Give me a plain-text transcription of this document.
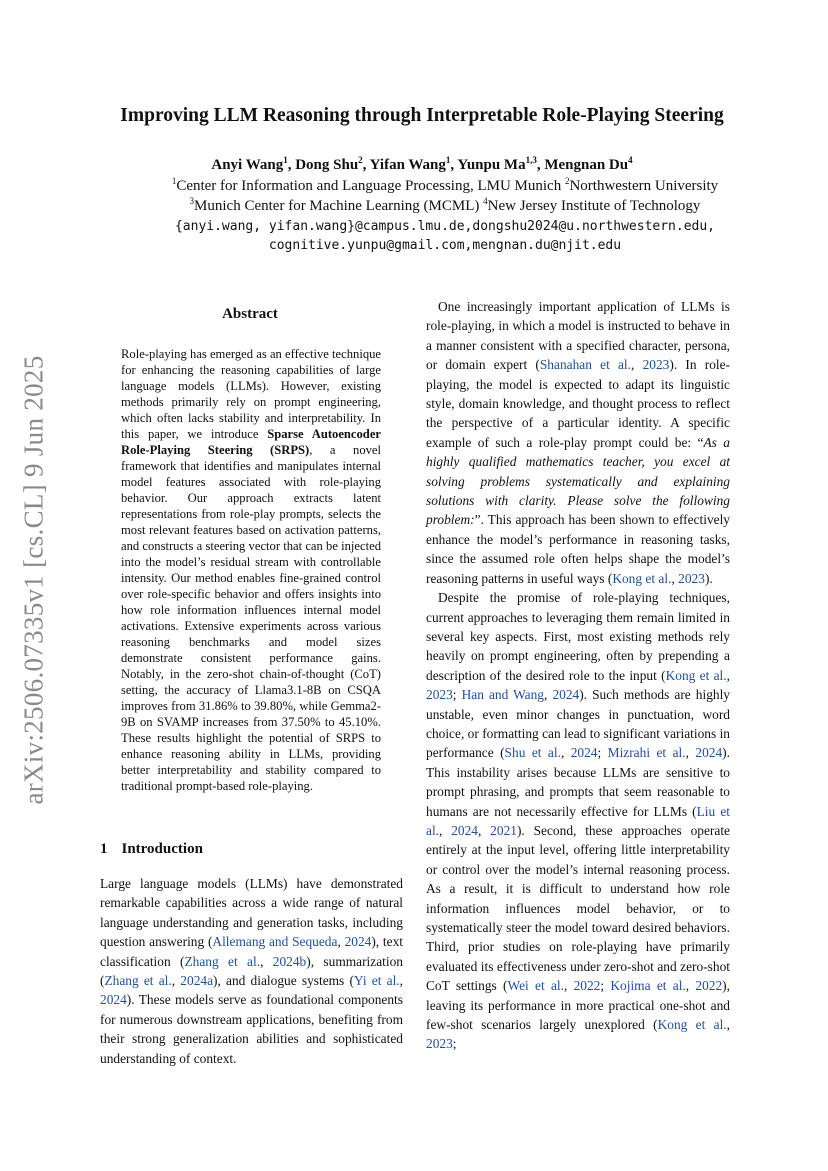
arXiv:2506.07335v1 [cs.CL] 9 Jun 2025
Improving LLM Reasoning through Interpretable Role-Playing Steering
Anyi Wang$^1$, Dong Shu$^2$, Yifan Wang$^1$, Yunpu Ma$^{1,3}$, Mengnan Du$^4$
$^1$Center for Information and Language Processing, LMU Munich $^2$Northwestern University
$^3$Munich Center for Machine Learning (MCML) $^4$New Jersey Institute of Technology
{anyi.wang, yifan.wang}@campus.lmu.de,dongshu2024@u.northwestern.edu,
cognitive.yunpu@gmail.com,mengnan.du@njit.edu
Abstract
Role-playing has emerged as an effective technique for enhancing the reasoning capabilities of large language models (LLMs). However, existing methods primarily rely on prompt engineering, which often lacks stability and interpretability. In this paper, we introduce Sparse Autoencoder Role-Playing Steering (SRPS), a novel framework that identifies and manipulates internal model features associated with role-playing behavior. Our approach extracts latent representations from role-play prompts, selects the most relevant features based on activation patterns, and constructs a steering vector that can be injected into the model’s residual stream with controllable intensity. Our method enables fine-grained control over role-specific behavior and offers insights into how role information influences internal model activations. Extensive experiments across various reasoning benchmarks and model sizes demonstrate consistent performance gains. Notably, in the zero-shot chain-of-thought (CoT) setting, the accuracy of Llama3.1-8B on CSQA improves from 31.86% to 39.80%, while Gemma2-9B on SVAMP increases from 37.50% to 45.10%. These results highlight the potential of SRPS to enhance reasoning ability in LLMs, providing better interpretability and stability compared to traditional prompt-based role-playing.
1 Introduction
Large language models (LLMs) have demonstrated remarkable capabilities across a wide range of natural language understanding and generation tasks, including question answering (Allemang and Sequeda, 2024), text classification (Zhang et al., 2024b), summarization (Zhang et al., 2024a), and dialogue systems (Yi et al., 2024). These models serve as foundational components for numerous downstream applications, benefiting from their strong generalization abilities and sophisticated understanding of context.

One increasingly important application of LLMs is role-playing, in which a model is instructed to behave in a manner consistent with a specified character, persona, or domain expert (Shanahan et al., 2023). In role-playing, the model is expected to adapt its linguistic style, domain knowledge, and thought process to reflect the perspective of a particular identity. A specific example of such a role-play prompt could be: “As a highly qualified mathematics teacher, you excel at solving problems systematically and explaining solutions with clarity. Please solve the following problem:”. This approach has been shown to effectively enhance the model’s performance in reasoning tasks, since the assumed role often helps shape the model’s reasoning patterns in useful ways (Kong et al., 2023).

Despite the promise of role-playing techniques, current approaches to leveraging them remain limited in several key aspects. First, most existing methods rely heavily on prompt engineering, often by prepending a description of the desired role to the input (Kong et al., 2023; Han and Wang, 2024). Such methods are highly unstable, even minor changes in punctuation, word choice, or formatting can lead to significant variations in performance (Shu et al., 2024; Mizrahi et al., 2024). This instability arises because LLMs are sensitive to prompt phrasing, and prompts that seem reasonable to humans are not necessarily effective for LLMs (Liu et al., 2024, 2021). Second, these approaches operate entirely at the input level, offering little interpretability or control over the model’s internal reasoning process. As a result, it is difficult to understand how role information influences model behavior, or to systematically steer the model toward desired behaviors. Third, prior studies on role-playing have primarily evaluated its effectiveness under zero-shot and zero-shot CoT settings (Wei et al., 2022; Kojima et al., 2022), leaving its performance in more practical one-shot and few-shot scenarios largely unexplored (Kong et al., 2023;
